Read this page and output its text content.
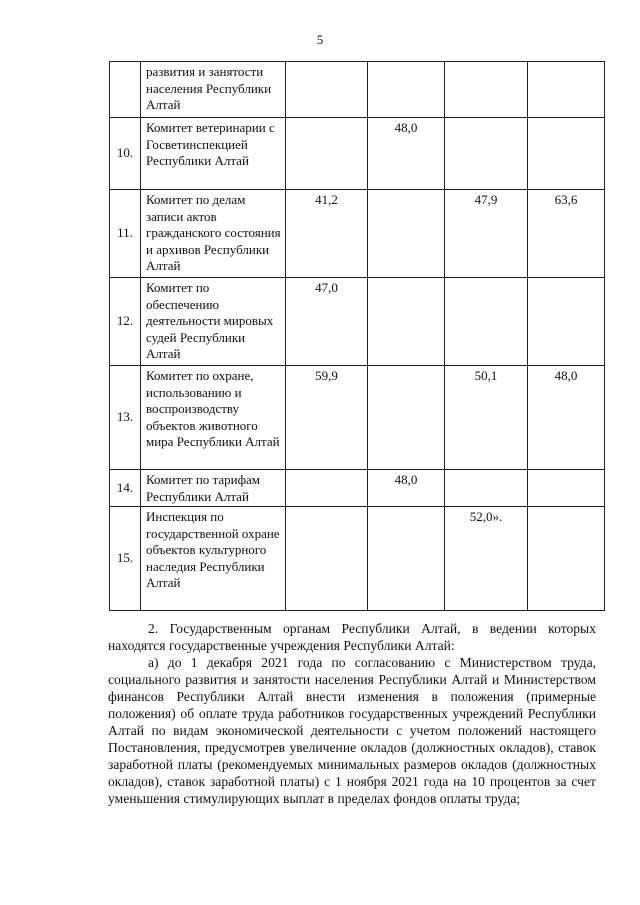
5
	развития и занятости населения Республики Алтай				
10.	Комитет ветеринарии с Госветинспекцией Республики Алтай		48,0		
11.	Комитет по делам записи актов гражданского состояния и архивов Республики Алтай	41,2		47,9	63,6
12.	Комитет по обеспечению деятельности мировых судей Республики Алтай	47,0			
13.	Комитет по охране, использованию и воспроизводству объектов животного мира Республики Алтай	59,9		50,1	48,0
14.	Комитет по тарифам Республики Алтай		48,0		
15.	Инспекция по государственной охране объектов культурного наследия Республики Алтай			52,0».	
2. Государственным органам Республики Алтай, в ведении которых находятся государственные учреждения Республики Алтай:
а) до 1 декабря 2021 года по согласованию с Министерством труда, социального развития и занятости населения Республики Алтай и Министерством финансов Республики Алтай внести изменения в положения (примерные положения) об оплате труда работников государственных учреждений Республики Алтай по видам экономической деятельности с учетом положений настоящего Постановления, предусмотрев увеличение окладов (должностных окладов), ставок заработной платы (рекомендуемых минимальных размеров окладов (должностных окладов), ставок заработной платы) с 1 ноября 2021 года на 10 процентов за счет уменьшения стимулирующих выплат в пределах фондов оплаты труда;
